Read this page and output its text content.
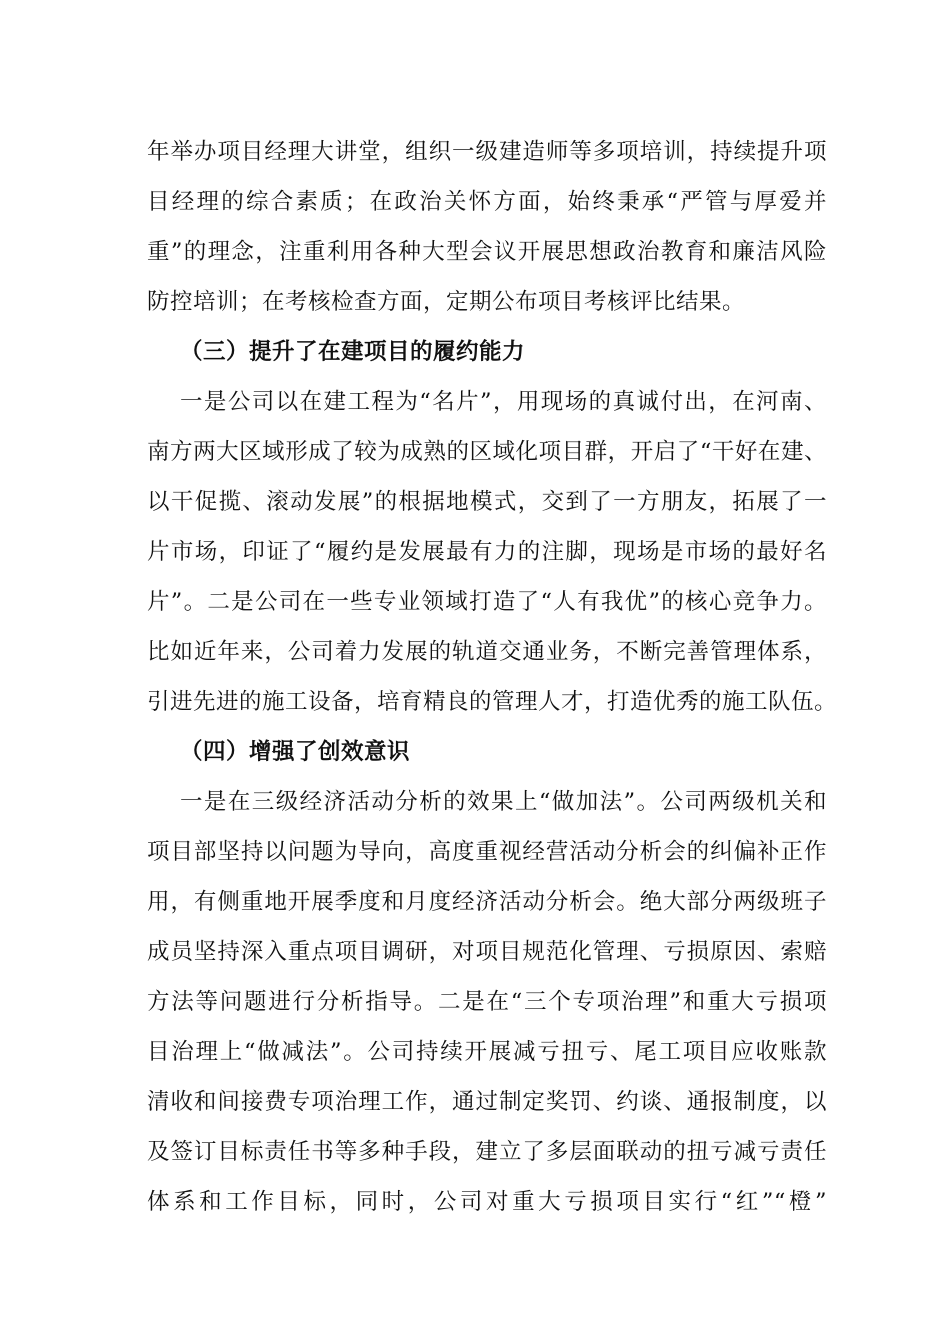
年举办项目经理大讲堂，组织一级建造师等多项培训，持续提升项
目经理的综合素质；在政治关怀方面，始终秉承“严管与厚爱并
重”的理念，注重利用各种大型会议开展思想政治教育和廉洁风险
防控培训；在考核检查方面，定期公布项目考核评比结果。
（三）提升了在建项目的履约能力
一是公司以在建工程为“名片”，用现场的真诚付出，在河南、
南方两大区域形成了较为成熟的区域化项目群，开启了“干好在建、
以干促揽、滚动发展”的根据地模式，交到了一方朋友，拓展了一
片市场，印证了“履约是发展最有力的注脚，现场是市场的最好名
片”。二是公司在一些专业领域打造了“人有我优”的核心竞争力。
比如近年来，公司着力发展的轨道交通业务，不断完善管理体系，
引进先进的施工设备，培育精良的管理人才，打造优秀的施工队伍。
（四）增强了创效意识
一是在三级经济活动分析的效果上“做加法”。公司两级机关和
项目部坚持以问题为导向，高度重视经营活动分析会的纠偏补正作
用，有侧重地开展季度和月度经济活动分析会。绝大部分两级班子
成员坚持深入重点项目调研，对项目规范化管理、亏损原因、索赔
方法等问题进行分析指导。二是在“三个专项治理”和重大亏损项
目治理上“做减法”。公司持续开展减亏扭亏、尾工项目应收账款
清收和间接费专项治理工作，通过制定奖罚、约谈、通报制度，以
及签订目标责任书等多种手段，建立了多层面联动的扭亏减亏责任
体系和工作目标，同时，公司对重大亏损项目实行“红”“橙”
